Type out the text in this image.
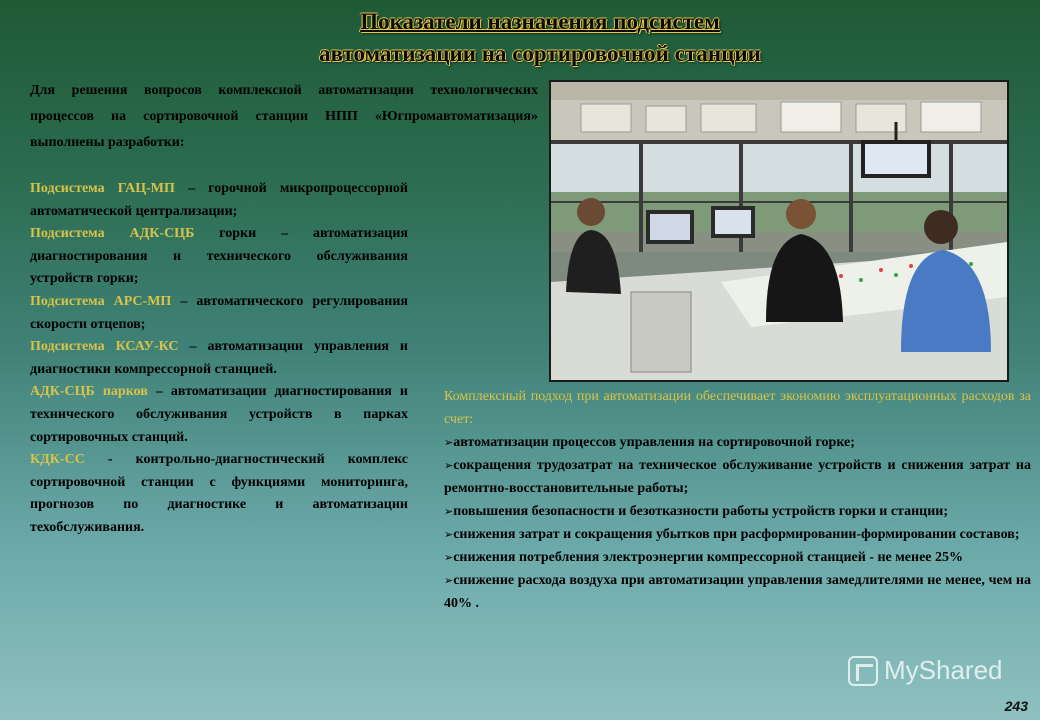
Показатели назначения подсистем
автоматизации на сортировочной станции
Для решения вопросов комплексной автоматизации технологических процессов на сортировочной станции НПП «Югпромавтоматизация» выполнены разработки:

Подсистема ГАЦ-МП – горочной микропроцессорной автоматической централизации;

Подсистема АДК-СЦБ горки – автоматизация диагностирования и технического обслуживания устройств горки;

Подсистема АРС-МП – автоматического регулирования скорости отцепов;

Подсистема КСАУ-КС – автоматизации управления и диагностики компрессорной станцией.

АДК-СЦБ парков – автоматизации диагностирования и технического обслуживания устройств в парках сортировочных станций.

КДК-СС - контрольно-диагностический комплекс сортировочной станции с функциями мониторинга, прогнозов по диагностике и автоматизации техобслуживания.

Комплексный подход при автоматизации обеспечивает экономию эксплуатационных расходов за счет:
➢автоматизации процессов управления на сортировочной горке;
➢сокращения трудозатрат на техническое обслуживание устройств и снижения затрат на ремонтно-восстановительные работы;
➢повышения безопасности и безотказности работы устройств горки и станции;
➢снижения затрат и сокращения убытков при расформировании-формировании составов;
➢снижения потребления электроэнергии компрессорной станцией - не менее 25%
➢снижение расхода воздуха при автоматизации управления замедлителями не менее, чем на 40% .
MyShared
243
